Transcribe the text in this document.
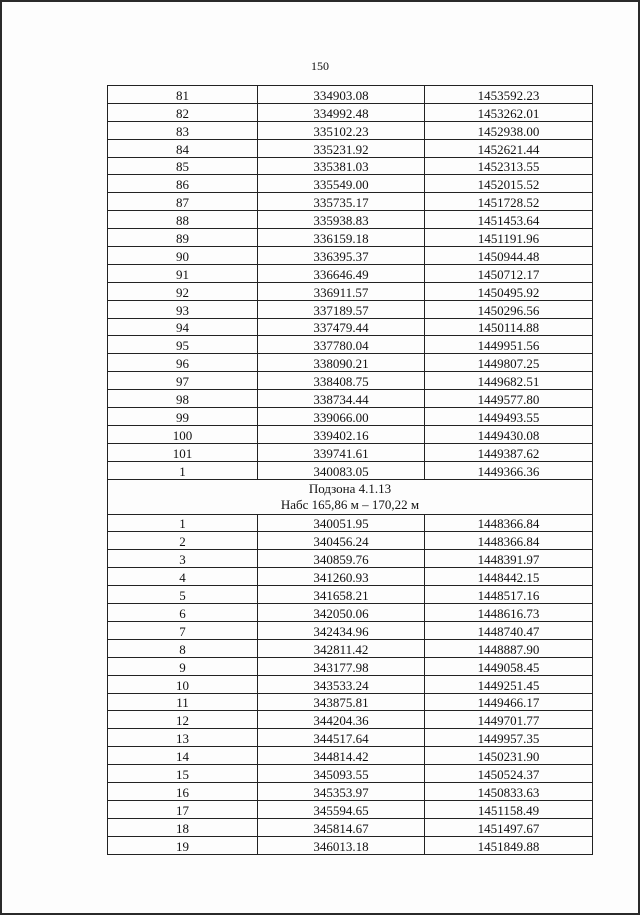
150
81	334903.08	1453592.23
82	334992.48	1453262.01
83	335102.23	1452938.00
84	335231.92	1452621.44
85	335381.03	1452313.55
86	335549.00	1452015.52
87	335735.17	1451728.52
88	335938.83	1451453.64
89	336159.18	1451191.96
90	336395.37	1450944.48
91	336646.49	1450712.17
92	336911.57	1450495.92
93	337189.57	1450296.56
94	337479.44	1450114.88
95	337780.04	1449951.56
96	338090.21	1449807.25
97	338408.75	1449682.51
98	338734.44	1449577.80
99	339066.00	1449493.55
100	339402.16	1449430.08
101	339741.61	1449387.62
1	340083.05	1449366.36

Подзона 4.1.13
Набс 165,86 м – 170,22 м		

1	340051.95	1448366.84
2	340456.24	1448366.84
3	340859.76	1448391.97
4	341260.93	1448442.15
5	341658.21	1448517.16
6	342050.06	1448616.73
7	342434.96	1448740.47
8	342811.42	1448887.90
9	343177.98	1449058.45
10	343533.24	1449251.45
11	343875.81	1449466.17
12	344204.36	1449701.77
13	344517.64	1449957.35
14	344814.42	1450231.90
15	345093.55	1450524.37
16	345353.97	1450833.63
17	345594.65	1451158.49
18	345814.67	1451497.67
19	346013.18	1451849.88
